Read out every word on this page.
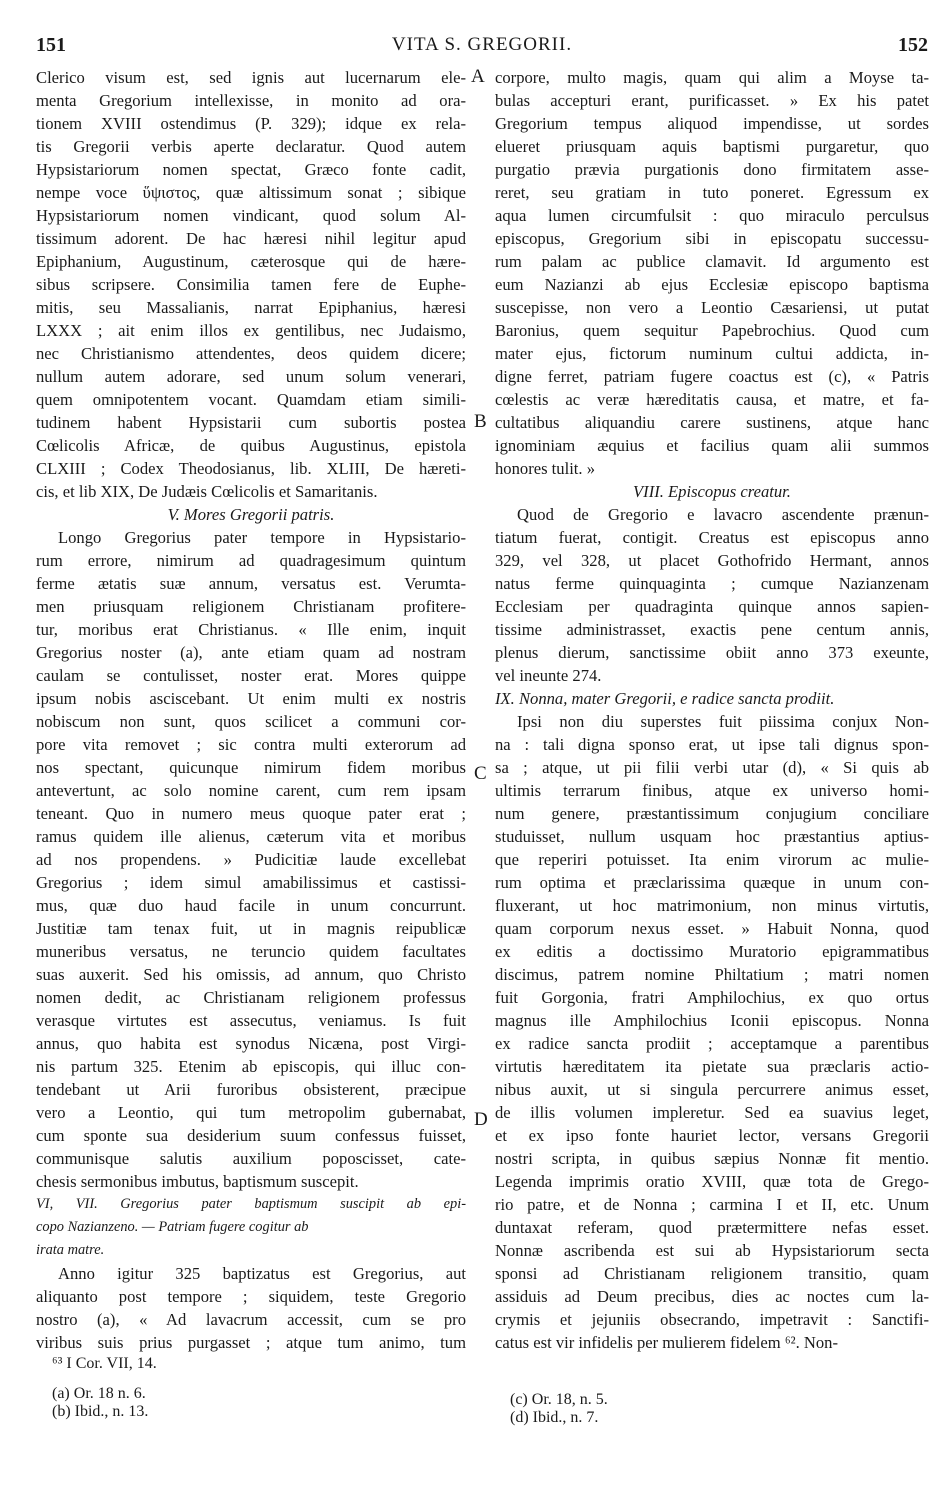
151	VITA S. GREGORII.	152
Clerico visum est, sed ignis aut lucernarum ele-
menta Gregorium intellexisse, in monito ad ora-
tionem XVIII ostendimus (P. 329); idque ex rela-
tis Gregorii verbis aperte declaratur. Quod autem
Hypsistariorum nomen spectat, Græco fonte cadit,
nempe voce ὕψιστος, quæ altissimum sonat ; sibique
Hypsistariorum nomen vindicant, quod solum Al-
tissimum adorent. De hac hæresi nihil legitur apud
Epiphanium, Augustinum, cæterosque qui de hære-
sibus scripsere. Consimilia tamen fere de Euphe-
mitis, seu Massalianis, narrat Epiphanius, hæresi
LXXX ; ait enim illos ex gentilibus, nec Judaismo,
nec Christianismo attendentes, deos quidem dicere;
nullum autem adorare, sed unum solum venerari,
quem omnipotentem vocant. Quamdam etiam simili-
tudinem habent Hypsistarii cum subortis postea
Cœlicolis Africæ, de quibus Augustinus, epistola
CLXIII ; Codex Theodosianus, lib. XLIII, De hæreti-
cis, et lib XIX, De Judæis Cœlicolis et Samaritanis.
V. Mores Gregorii patris.
Longo Gregorius pater tempore in Hypsistario-
rum errore, nimirum ad quadragesimum quintum
ferme ætatis suæ annum, versatus est. Verumta-
men priusquam religionem Christianam profitere-
tur, moribus erat Christianus. « Ille enim, inquit
Gregorius noster (a), ante etiam quam ad nostram
caulam se contulisset, noster erat. Mores quippe
ipsum nobis asciscebant. Ut enim multi ex nostris
nobiscum non sunt, quos scilicet a communi cor-
pore vita removet ; sic contra multi exterorum ad
nos spectant, quicunque nimirum fidem moribus
antevertunt, ac solo nomine carent, cum rem ipsam
teneant. Quo in numero meus quoque pater erat ;
ramus quidem ille alienus, cæterum vita et moribus
ad nos propendens. » Pudicitiæ laude excellebat
Gregorius ; idem simul amabilissimus et castissi-
mus, quæ duo haud facile in unum concurrunt.
Justitiæ tam tenax fuit, ut in magnis reipublicæ
muneribus versatus, ne teruncio quidem facultates
suas auxerit. Sed his omissis, ad annum, quo Christo
nomen dedit, ac Christianam religionem professus
verasque virtutes est assecutus, veniamus. Is fuit
annus, quo habita est synodus Nicæna, post Virgi-
nis partum 325. Etenim ab episcopis, qui illuc con-
tendebant ut Arii furoribus obsisterent, præcipue
vero a Leontio, qui tum metropolim gubernabat,
cum sponte sua desiderium suum confessus fuisset,
communisque salutis auxilium poposcisset, cate-
chesis sermonibus imbutus, baptismum suscepit.
VI, VII. Gregorius pater baptismum suscipit ab epi-
copo Nazianzeno. — Patriam fugere cogitur ab
irata matre.
Anno igitur 325 baptizatus est Gregorius, aut
aliquanto post tempore ; siquidem, teste Gregorio
nostro (a), « Ad lavacrum accessit, cum se pro
viribus suis prius purgasset ; atque tum animo, tum
corpore, multo magis, quam qui alim a Moyse ta-
bulas accepturi erant, purificasset. » Ex his patet
Gregorium tempus aliquod impendisse, ut sordes
elueret priusquam aquis baptismi purgaretur, quo
purgatio prævia purgationis dono firmitatem asse-
reret, seu gratiam in tuto poneret. Egressum ex
aqua lumen circumfulsit : quo miraculo perculsus
episcopus, Gregorium sibi in episcopatu successu-
rum palam ac publice clamavit. Id argumento est
eum Nazianzi ab ejus Ecclesiæ episcopo baptisma
suscepisse, non vero a Leontio Cæsariensi, ut putat
Baronius, quem sequitur Papebrochius. Quod cum
mater ejus, fictorum numinum cultui addicta, in-
digne ferret, patriam fugere coactus est (c), « Patris
cœlestis ac veræ hæreditatis causa, et matre, et fa-
cultatibus aliquandiu carere sustinens, atque hanc
ignominiam æquius et facilius quam alii summos
honores tulit. »
VIII. Episcopus creatur.
Quod de Gregorio e lavacro ascendente prænun-
tiatum fuerat, contigit. Creatus est episcopus anno
329, vel 328, ut placet Gothofrido Hermant, annos
natus ferme quinquaginta ; cumque Nazianzenam
Ecclesiam per quadraginta quinque annos sapien-
tissime administrasset, exactis pene centum annis,
plenus dierum, sanctissime obiit anno 373 exeunte,
vel ineunte 274.
IX. Nonna, mater Gregorii, e radice sancta prodiit.
Ipsi non diu superstes fuit piissima conjux Non-
na : tali digna sponso erat, ut ipse tali dignus spon-
sa ; atque, ut pii filii verbi utar (d), « Si quis ab
ultimis terrarum finibus, atque ex universo homi-
num genere, præstantissimum conjugium conciliare
studuisset, nullum usquam hoc præstantius aptius-
que reperiri potuisset. Ita enim virorum ac mulie-
rum optima et præclarissima quæque in unum con-
fluxerant, ut hoc matrimonium, non minus virtutis,
quam corporum nexus esset. » Habuit Nonna, quod
ex editis a doctissimo Muratorio epigrammatibus
discimus, patrem nomine Philtatium ; matri nomen
fuit Gorgonia, fratri Amphilochius, ex quo ortus
magnus ille Amphilochius Iconii episcopus. Nonna
ex radice sancta prodiit ; acceptamque a parentibus
virtutis hæreditatem ita pietate sua præclaris actio-
nibus auxit, ut si singula percurrere animus esset,
de illis volumen impleretur. Sed ea suavius leget,
et ex ipso fonte hauriet lector, versans Gregorii
nostri scripta, in quibus sæpius Nonnæ fit mentio.
Legenda imprimis oratio XVIII, quæ tota de Grego-
rio patre, et de Nonna ; carmina I et II, etc. Unum
duntaxat referam, quod prætermittere nefas esset.
Nonnæ ascribenda est sui ab Hypsistariorum secta
sponsi ad Christianam religionem transitio, quam
assiduis ad Deum precibus, dies ac noctes cum la-
crymis et jejuniis obsecrando, impetravit : Sanctifi-
catus est vir infidelis per mulierem fidelem ⁶². Non-
A
B
C
D
⁶³ I Cor. VII, 14.
(a) Or. 18 n. 6.
(b) Ibid., n. 13.
(c) Or. 18, n. 5.
(d) Ibid., n. 7.
